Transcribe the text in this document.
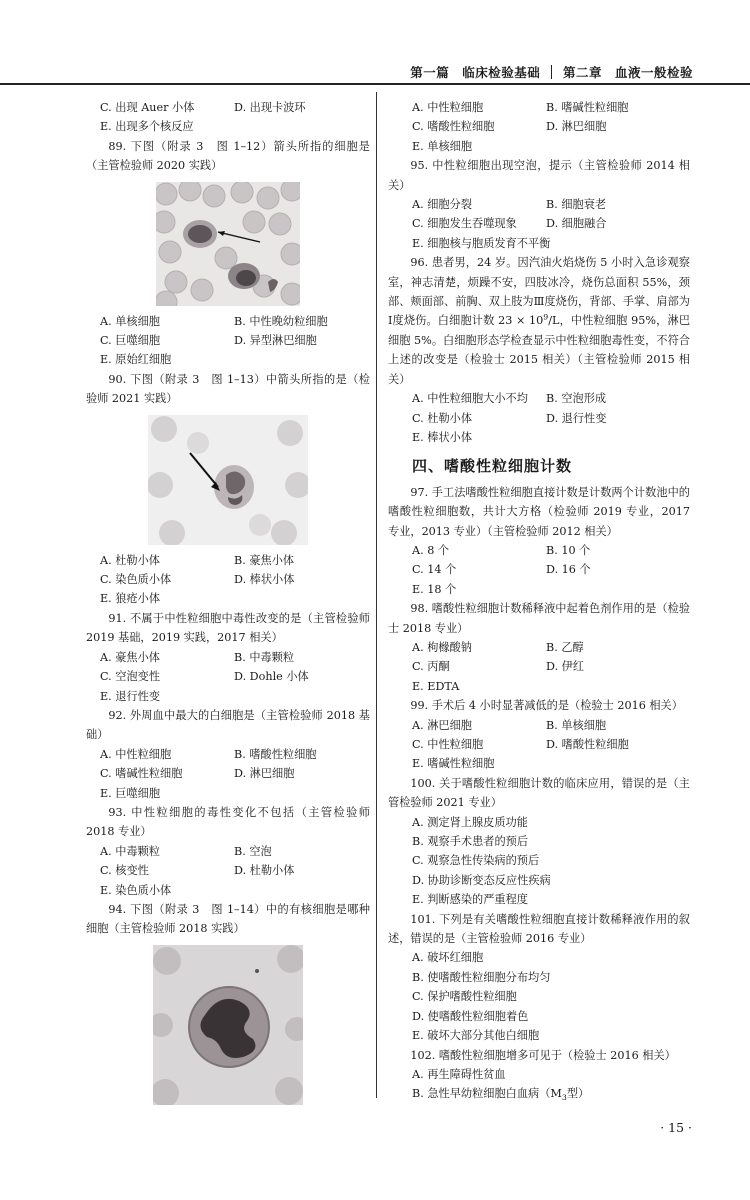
第一篇　临床检验基础 第二章　血液一般检验
C. 出现 Auer 小体	D. 出现卡波环
E. 出现多个核反应

89. 下图（附录 3　图 1–12）箭头所指的细胞是（主管检验师 2020 实践）

A. 单核细胞	B. 中性晚幼粒细胞
C. 巨噬细胞	D. 异型淋巴细胞
E. 原始红细胞

90. 下图（附录 3　图 1–13）中箭头所指的是（检验师 2021 实践）

A. 杜勒小体	B. 豪焦小体
C. 染色质小体	D. 棒状小体
E. 狼疮小体

91. 不属于中性粒细胞中毒性改变的是（主管检验师 2019 基础，2019 实践，2017 相关）

A. 豪焦小体	B. 中毒颗粒
C. 空泡变性	D. Dohle 小体
E. 退行性变

92. 外周血中最大的白细胞是（主管检验师 2018 基础）

A. 中性粒细胞	B. 嗜酸性粒细胞
C. 嗜碱性粒细胞	D. 淋巴细胞
E. 巨噬细胞

93. 中性粒细胞的毒性变化不包括（主管检验师 2018 专业）

A. 中毒颗粒	B. 空泡
C. 核变性	D. 杜勒小体
E. 染色质小体

94. 下图（附录 3　图 1–14）中的有核细胞是哪种细胞（主管检验师 2018 实践）

A. 中性粒细胞	B. 嗜碱性粒细胞
C. 嗜酸性粒细胞	D. 淋巴细胞
E. 单核细胞

95. 中性粒细胞出现空泡，提示（主管检验师 2014 相关）

A. 细胞分裂	B. 细胞衰老
C. 细胞发生吞噬现象	D. 细胞融合
E. 细胞核与胞质发育不平衡

96. 患者男，24 岁。因汽油火焰烧伤 5 小时入急诊观察室，神志清楚，烦躁不安，四肢冰冷，烧伤总面积 55%，颈部、颊面部、前胸、双上肢为Ⅲ度烧伤，背部、手掌、肩部为Ⅰ度烧伤。白细胞计数 $23 \times 10^9/L$，中性粒细胞 95%，淋巴细胞 5%。白细胞形态学检查显示中性粒细胞毒性变，不符合上述的改变是（检验士 2015 相关）（主管检验师 2015 相关）

A. 中性粒细胞大小不均	B. 空泡形成
C. 杜勒小体	D. 退行性变
E. 棒状小体
四、嗜酸性粒细胞计数

97. 手工法嗜酸性粒细胞直接计数是计数两个计数池中的嗜酸性粒细胞数，共计大方格（检验师 2019 专业，2017 专业，2013 专业）（主管检验师 2012 相关）

A. 8 个	B. 10 个
C. 14 个	D. 16 个
E. 18 个

98. 嗜酸性粒细胞计数稀释液中起着色剂作用的是（检验士 2018 专业）

A. 枸橼酸钠	B. 乙醇
C. 丙酮	D. 伊红
E. EDTA

99. 手术后 4 小时显著减低的是（检验士 2016 相关）

A. 淋巴细胞	B. 单核细胞
C. 中性粒细胞	D. 嗜酸性粒细胞
E. 嗜碱性粒细胞

100. 关于嗜酸性粒细胞计数的临床应用，错误的是（主管检验师 2021 专业）

A. 测定肾上腺皮质功能
B. 观察手术患者的预后
C. 观察急性传染病的预后
D. 协助诊断变态反应性疾病
E. 判断感染的严重程度

101. 下列是有关嗜酸性粒细胞直接计数稀释液作用的叙述，错误的是（主管检验师 2016 专业）

A. 破坏红细胞
B. 使嗜酸性粒细胞分布均匀
C. 保护嗜酸性粒细胞
D. 使嗜酸性粒细胞着色
E. 破坏大部分其他白细胞

102. 嗜酸性粒细胞增多可见于（检验士 2016 相关）

A. 再生障碍性贫血
B. 急性早幼粒细胞白血病（$M_3$型）
· 15 ·
